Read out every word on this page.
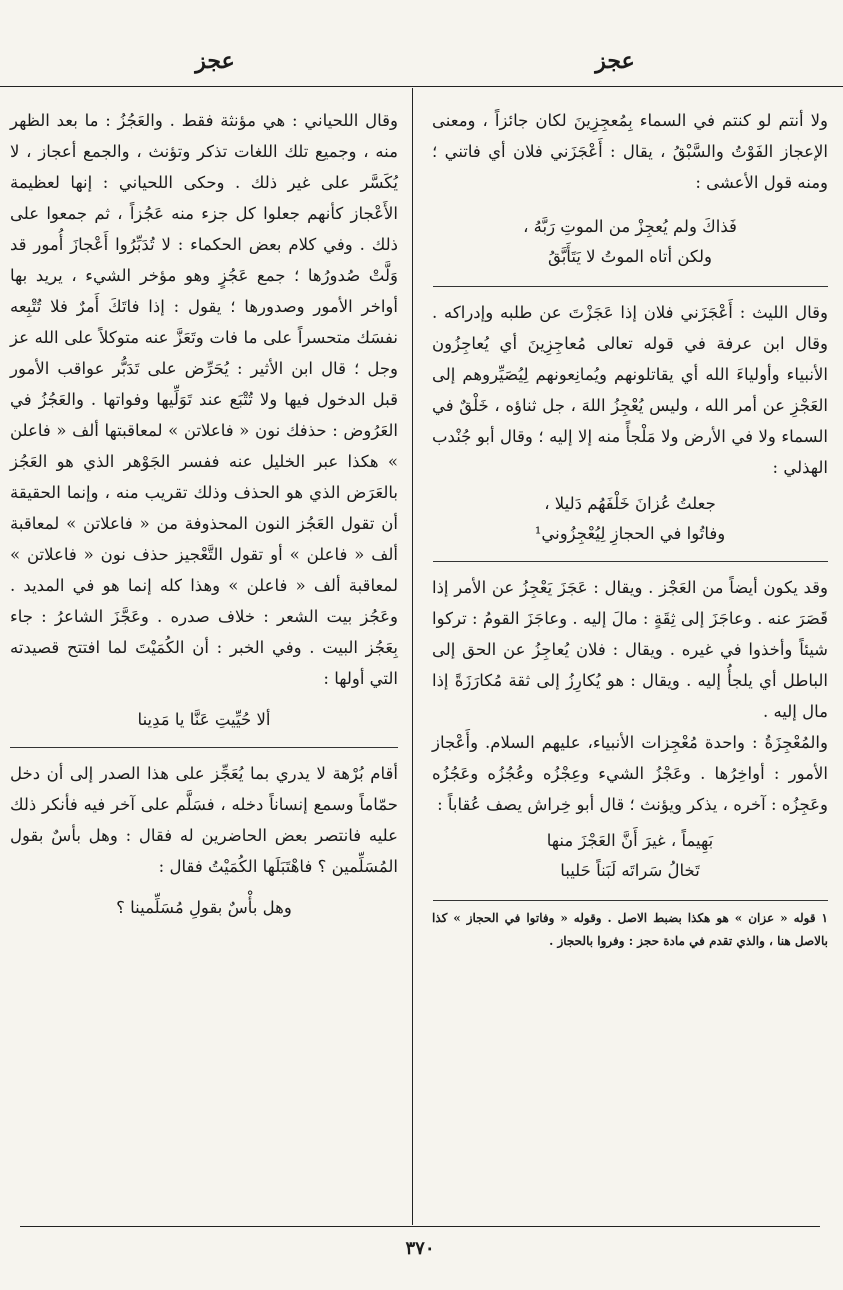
عجز
عجز

ولا أنتم لو كنتم في السماء بِمُعجِزِينَ لكان جائزاً ، ومعنى الإعجاز الفَوْتُ والسَّبْقُ ، يقال : أَعْجَزَني فلان أي فاتني ؛ ومنه قول الأعشى :

فَذاكَ ولم يُعجِزْ من الموتِ رَبَّهُ ،
ولكن أتاه الموتُ لا يَتَأَبَّقُ

وقال الليث : أَعْجَزَني فلان إذا عَجَزْتَ عن طلبه وإدراكه . وقال ابن عرفة في قوله تعالى مُعاجِزِينَ أي يُعاجِزُون الأنبياء وأولياءَ الله أي يقاتلونهم ويُمانِعونهم لِيُصَيِّروهم إلى العَجْزِ عن أمر الله ، وليس يُعْجِزُ اللهَ ، جل ثناؤه ، خَلْقٌ في السماء ولا في الأرض ولا مَلْجأً منه إلا إليه ؛ وقال أبو جُنْدب الهذلي :

جعلتُ عُزانَ خَلْفَهُم دَليلا ،
وفاتُوا في الحجازِ لِيُعْجِزُوني¹

وقد يكون أيضاً من العَجْز . ويقال : عَجَزَ يَعْجِزُ عن الأمر إذا قَصَرَ عنه . وعاجَزَ إلى ثِقَةٍ : مالَ إليه . وعاجَزَ القومُ : تركوا شيئاً وأخذوا في غيره . ويقال : فلان يُعاجِزُ عن الحق إلى الباطل أي يلجأُ إليه . ويقال : هو يُكارِزُ إلى ثقة مُكارَزَةً إذا مال إليه .

والمُعْجِزَةُ : واحدة مُعْجِزات الأنبياء، عليهم السلام. وأَعْجاز الأمور : أواخِرُها . وعَجْزُ الشيء وعِجْزُه وعُجُزُه وعَجُزُه وعَجِزُه : آخره ، يذكر ويؤنث ؛ قال أبو خِراش يصف عُقاباً :

بَهِيماً ، غيرَ أَنَّ العَجْزَ منها
تَخالُ سَراتَه لَبَناً حَليبا

١ قوله « عزان » هو هكذا بضبط الاصل . وقوله « وفاتوا في الحجاز » كذا بالاصل هنا ، والذي تقدم في مادة حجز : وفروا بالحجاز .

وقال اللحياني : هي مؤنثة فقط . والعَجُزُ : ما بعد الظهر منه ، وجميع تلك اللغات تذكر وتؤنث ، والجمع أعجاز ، لا يُكَسَّر على غير ذلك . وحكى اللحياني : إنها لعظيمة الأَعْجاز كأنهم جعلوا كل جزء منه عَجُزاً ، ثم جمعوا على ذلك . وفي كلام بعض الحكماء : لا تُدَبِّرُوا أَعْجازَ أُمور قد وَلَّتْ صُدورُها ؛ جمع عَجُزٍ وهو مؤخر الشيء ، يريد بها أواخر الأمور وصدورها ؛ يقول : إذا فاتَكَ أَمرٌ فلا تُتْبِعه نفسَك متحسراً على ما فات وتَعَزَّ عنه متوكلاً على الله عز وجل ؛ قال ابن الأثير : يُحَرِّض على تَدَبُّر عواقب الأمور قبل الدخول فيها ولا تُتْبَع عند تَوَلِّيها وفواتها . والعَجُزُ في العَرُوض : حذفك نون « فاعلاتن » لمعاقبتها ألف « فاعلن » هكذا عبر الخليل عنه ففسر الجَوْهر الذي هو العَجُز بالعَرَض الذي هو الحذف وذلك تقريب منه ، وإنما الحقيقة أن تقول العَجُز النون المحذوفة من « فاعلاتن » لمعاقبة ألف « فاعلن » أو تقول التَّعْجيز حذف نون « فاعلاتن » لمعاقبة ألف « فاعلن » وهذا كله إنما هو في المديد . وعَجُز بيت الشعر : خلاف صدره . وعَجَّزَ الشاعرُ : جاء بِعَجُز البيت . وفي الخبر : أن الكُمَيْتَ لما افتتح قصيدته التي أولها :

ألا حُيِّيتِ عَنَّا يا مَدِينا

أقام بُرْهة لا يدري بما يُعَجِّز على هذا الصدر إلى أن دخل حمّاماً وسمع إنساناً دخله ، فسَلَّم على آخر فيه فأنكر ذلك عليه فانتصر بعض الحاضرين له فقال : وهل بأسٌ بقول المُسَلِّمين ؟ فاهْتَبَلَها الكُمَيْتُ فقال :

وهل بأْسٌ بقولِ مُسَلِّمينا ؟
٣٧٠
